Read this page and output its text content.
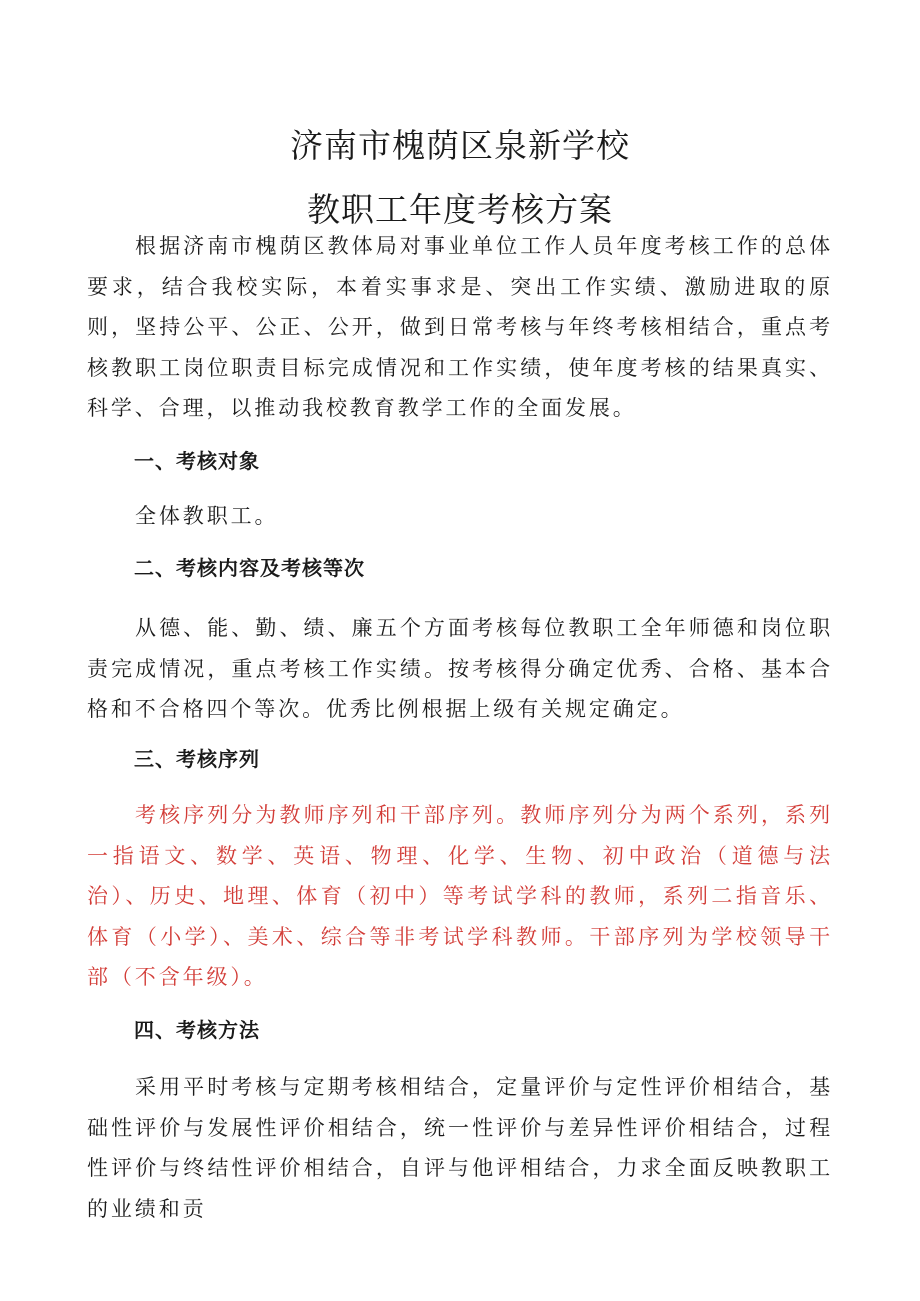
济南市槐荫区泉新学校
教职工年度考核方案

根据济南市槐荫区教体局对事业单位工作人员年度考核工作的总体要求，结合我校实际，本着实事求是、突出工作实绩、激励进取的原则，坚持公平、公正、公开，做到日常考核与年终考核相结合，重点考核教职工岗位职责目标完成情况和工作实绩，使年度考核的结果真实、科学、合理，以推动我校教育教学工作的全面发展。

一、考核对象

全体教职工。

二、考核内容及考核等次

从德、能、勤、绩、廉五个方面考核每位教职工全年师德和岗位职责完成情况，重点考核工作实绩。按考核得分确定优秀、合格、基本合格和不合格四个等次。优秀比例根据上级有关规定确定。

三、考核序列

考核序列分为教师序列和干部序列。教师序列分为两个系列，系列一指语文、数学、英语、物理、化学、生物、初中政治（道德与法治）、历史、地理、体育（初中）等考试学科的教师，系列二指音乐、体育（小学）、美术、综合等非考试学科教师。干部序列为学校领导干部（不含年级）。

四、考核方法

采用平时考核与定期考核相结合，定量评价与定性评价相结合，基础性评价与发展性评价相结合，统一性评价与差异性评价相结合，过程性评价与终结性评价相结合，自评与他评相结合，力求全面反映教职工的业绩和贡
